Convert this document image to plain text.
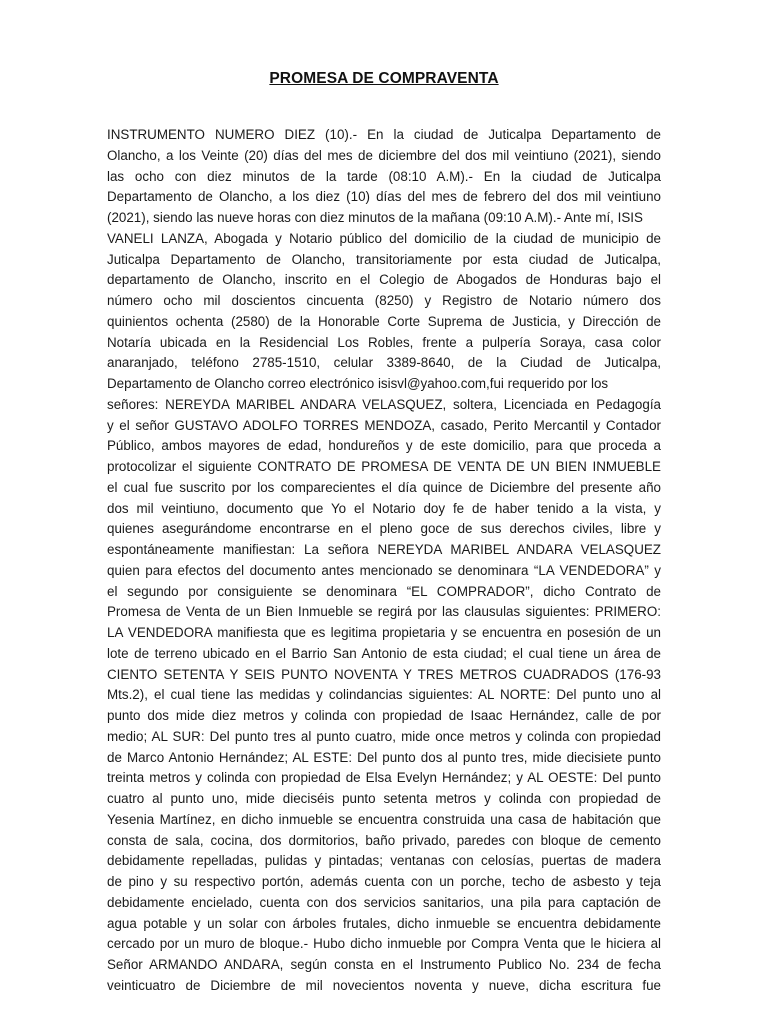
PROMESA DE COMPRAVENTA
INSTRUMENTO NUMERO DIEZ (10).- En la ciudad de Juticalpa Departamento de
Olancho, a los Veinte (20) días del mes de diciembre del dos mil veintiuno (2021), siendo
las ocho con diez minutos de la tarde (08:10 A.M).- En la ciudad de Juticalpa
Departamento de Olancho, a los diez (10) días del mes de febrero del dos mil veintiuno
(2021), siendo las nueve horas con diez minutos de la mañana (09:10 A.M).- Ante mí, ISIS
VANELI LANZA, Abogada y Notario público del domicilio de la ciudad de municipio de
Juticalpa Departamento de Olancho, transitoriamente por esta ciudad de Juticalpa,
departamento de Olancho, inscrito en el Colegio de Abogados de Honduras bajo el
número ocho mil doscientos cincuenta (8250) y Registro de Notario número dos
quinientos ochenta (2580) de la Honorable Corte Suprema de Justicia, y Dirección de
Notaría ubicada en la Residencial Los Robles, frente a pulpería Soraya, casa color
anaranjado, teléfono 2785-1510, celular 3389-8640, de la Ciudad de Juticalpa,
Departamento de Olancho correo electrónico isisvl@yahoo.com,fui requerido por los
señores: NEREYDA MARIBEL ANDARA VELASQUEZ, soltera, Licenciada en Pedagogía
y el señor GUSTAVO ADOLFO TORRES MENDOZA, casado, Perito Mercantil y Contador
Público, ambos mayores de edad, hondureños y de este domicilio, para que proceda a
protocolizar el siguiente CONTRATO DE PROMESA DE VENTA DE UN BIEN INMUEBLE
el cual fue suscrito por los comparecientes el día quince de Diciembre del presente año
dos mil veintiuno, documento que Yo el Notario doy fe de haber tenido a la vista, y
quienes asegurándome encontrarse en el pleno goce de sus derechos civiles, libre y
espontáneamente manifiestan: La señora NEREYDA MARIBEL ANDARA VELASQUEZ
quien para efectos del documento antes mencionado se denominara “LA VENDEDORA” y
el segundo por consiguiente se denominara “EL COMPRADOR”, dicho Contrato de
Promesa de Venta de un Bien Inmueble se regirá por las clausulas siguientes: PRIMERO:
LA VENDEDORA manifiesta que es legitima propietaria y se encuentra en posesión de un
lote de terreno ubicado en el Barrio San Antonio de esta ciudad; el cual tiene un área de
CIENTO SETENTA Y SEIS PUNTO NOVENTA Y TRES METROS CUADRADOS (176-93
Mts.2), el cual tiene las medidas y colindancias siguientes: AL NORTE: Del punto uno al
punto dos mide diez metros y colinda con propiedad de Isaac Hernández, calle de por
medio; AL SUR: Del punto tres al punto cuatro, mide once metros y colinda con propiedad
de Marco Antonio Hernández; AL ESTE: Del punto dos al punto tres, mide diecisiete punto
treinta metros y colinda con propiedad de Elsa Evelyn Hernández; y AL OESTE: Del punto
cuatro al punto uno, mide dieciséis punto setenta metros y colinda con propiedad de
Yesenia Martínez, en dicho inmueble se encuentra construida una casa de habitación que
consta de sala, cocina, dos dormitorios, baño privado, paredes con bloque de cemento
debidamente repelladas, pulidas y pintadas; ventanas con celosías, puertas de madera
de pino y su respectivo portón, además cuenta con un porche, techo de asbesto y teja
debidamente encielado, cuenta con dos servicios sanitarios, una pila para captación de
agua potable y un solar con árboles frutales, dicho inmueble se encuentra debidamente
cercado por un muro de bloque.- Hubo dicho inmueble por Compra Venta que le hiciera al
Señor ARMANDO ANDARA, según consta en el Instrumento Publico No. 234 de fecha
veinticuatro de Diciembre de mil novecientos noventa y nueve, dicha escritura fue
